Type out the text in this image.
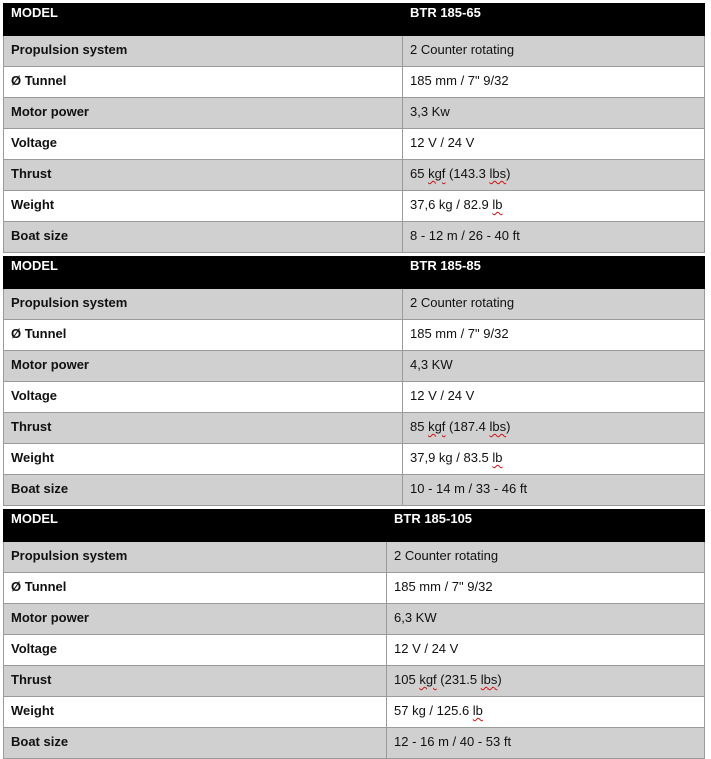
MODEL	BTR 185-65

Propulsion system	2 Counter rotating

Ø Tunnel	185 mm / 7" 9/32

Motor power	3,3 Kw

Voltage	12 V / 24 V

Thrust	65 kgf (143.3 lbs)

Weight	37,6 kg / 82.9 lb

Boat size	8 - 12 m / 26 - 40 ft
MODEL	BTR 185-85

Propulsion system	2 Counter rotating

Ø Tunnel	185 mm / 7" 9/32

Motor power	4,3 KW

Voltage	12 V / 24 V

Thrust	85 kgf (187.4 lbs)

Weight	37,9 kg / 83.5 lb

Boat size	10 - 14 m / 33 - 46 ft
MODEL	BTR 185-105

Propulsion system	2 Counter rotating

Ø Tunnel	185 mm / 7" 9/32

Motor power	6,3 KW

Voltage	12 V / 24 V

Thrust	105 kgf (231.5 lbs)

Weight	57 kg / 125.6 lb

Boat size	12 - 16 m / 40 - 53 ft
